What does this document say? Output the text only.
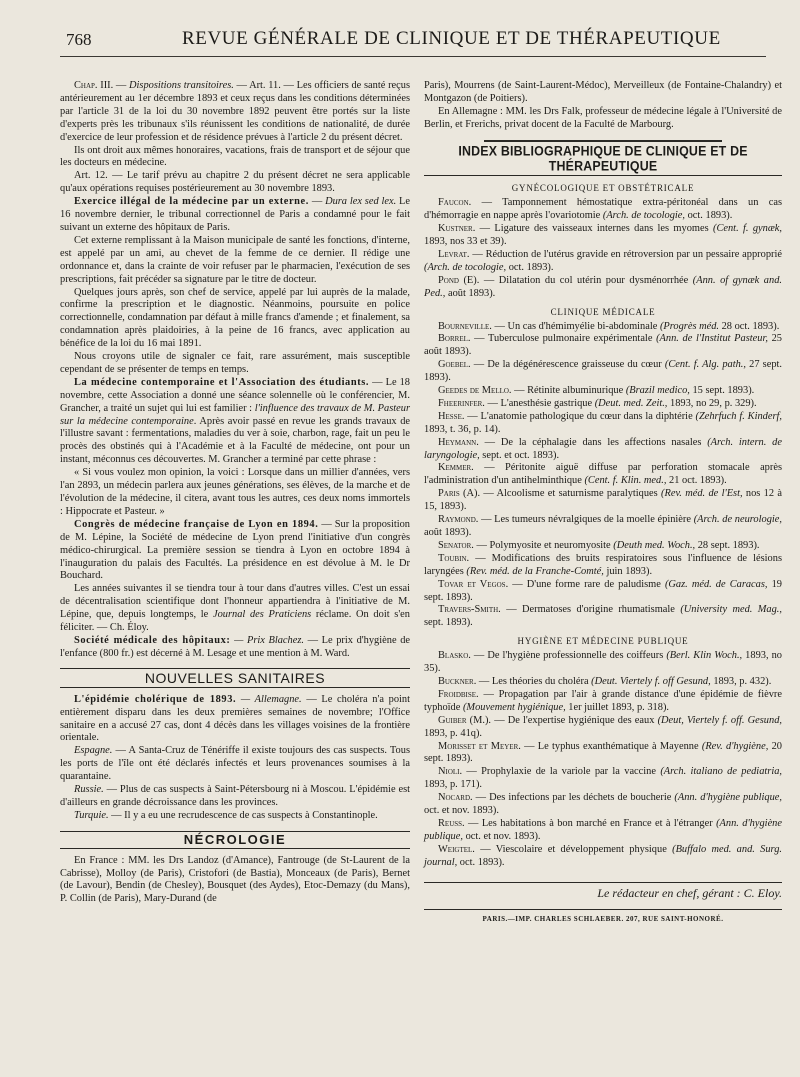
768	REVUE GÉNÉRALE DE CLINIQUE ET DE THÉRAPEUTIQUE

Chap. III. — Dispositions transitoires. — Art. 11. — Les officiers de santé reçus antérieurement au 1er décembre 1893 et ceux reçus dans les conditions déterminées par l'article 31 de la loi du 30 novembre 1892 peuvent être portés sur la liste d'experts près les tribunaux s'ils réunissent les conditions de nationalité, de durée d'exercice de leur profession et de résidence prévues à l'article 2 du présent décret.

Ils ont droit aux mêmes honoraires, vacations, frais de transport et de séjour que les docteurs en médecine.

Art. 12. — Le tarif prévu au chapitre 2 du présent décret ne sera applicable qu'aux opérations requises postérieurement au 30 novembre 1893.

Exercice illégal de la médecine par un externe. — Dura lex sed lex. Le 16 novembre dernier, le tribunal correctionnel de Paris a condamné pour le fait suivant un externe des hôpitaux de Paris.

Cet externe remplissant à la Maison municipale de santé les fonctions, d'interne, est appelé par un ami, au chevet de la femme de ce dernier. Il rédige une ordonnance et, dans la crainte de voir refuser par le pharmacien, l'exécution de ses prescriptions, fait précéder sa signature par le titre de docteur.

Quelques jours après, son chef de service, appelé par lui auprès de la malade, confirme la prescription et le diagnostic. Néanmoins, poursuite en police correctionnelle, condamnation par défaut à mille francs d'amende ; et finalement, sa condamnation après plaidoiries, à la peine de 16 francs, avec application au bénéfice de la loi du 16 mai 1891.

Nous croyons utile de signaler ce fait, rare assurément, mais susceptible cependant de se présenter de temps en temps.

La médecine contemporaine et l'Association des étudiants. — Le 18 novembre, cette Association a donné une séance solennelle où le conférencier, M. Grancher, a traité un sujet qui lui est familier : l'influence des travaux de M. Pasteur sur la médecine contemporaine. Après avoir passé en revue les grands travaux de l'illustre savant : fermentations, maladies du ver à soie, charbon, rage, fait un peu le procès des obstinés qui à l'Académie et à la Faculté de médecine, ont pour un instant, méconnus ces découvertes. M. Grancher a terminé par cette phrase :

« Si vous voulez mon opinion, la voici : Lorsque dans un millier d'années, vers l'an 2893, un médecin parlera aux jeunes générations, ses élèves, de la marche et de l'évolution de la médecine, il citera, avant tous les autres, ces deux noms immortels : Hippocrate et Pasteur. »

Congrès de médecine française de Lyon en 1894. — Sur la proposition de M. Lépine, la Société de médecine de Lyon prend l'initiative d'un congrès médico-chirurgical. La première session se tiendra à Lyon en octobre 1894 à l'inauguration du palais des Facultés. La présidence en est dévolue à M. le Dr Bouchard.

Les années suivantes il se tiendra tour à tour dans d'autres villes. C'est un essai de décentralisation scientifique dont l'honneur appartiendra à l'initiative de M. Lépine, que, depuis longtemps, le Journal des Praticiens réclame. On doit s'en féliciter. — Ch. Éloy.

Société médicale des hôpitaux: — Prix Blachez. — Le prix d'hygiène de l'enfance (800 fr.) est décerné à M. Lesage et une mention à M. Ward.

NOUVELLES SANITAIRES

L'épidémie cholérique de 1893. — Allemagne. — Le choléra n'a point entièrement disparu dans les deux premières semaines de novembre; l'Office sanitaire en a accusé 27 cas, dont 4 décès dans les villages voisines de la frontière orientale.

Espagne. — A Santa-Cruz de Ténériffe il existe toujours des cas suspects. Tous les ports de l'île ont été déclarés infectés et leurs provenances soumises à la quarantaine.

Russie. — Plus de cas suspects à Saint-Pétersbourg ni à Moscou. L'épidémie est d'ailleurs en grande décroissance dans les provinces.

Turquie. — Il y a eu une recrudescence de cas suspects à Constantinople.

NÉCROLOGIE

En France : MM. les Drs Landoz (d'Amance), Fantrouge (de St-Laurent de la Cabrisse), Molloy (de Paris), Cristofori (de Bastia), Monceaux (de Paris), Bernet (de Lavour), Bendin (de Chesley), Bousquet (des Aydes), Etoc-Demazy (du Mans), P. Collin (de Paris), Mary-Durand (de

Paris), Mourrens (de Saint-Laurent-Médoc), Merveilleux (de Fontaine-Chalandry) et Montgazon (de Poitiers).

En Allemagne : MM. les Drs Falk, professeur de médecine légale à l'Université de Berlin, et Frerichs, privat docent de la Faculté de Marbourg.

INDEX BIBLIOGRAPHIQUE DE CLINIQUE ET DE THÉRAPEUTIQUE
GYNÉCOLOGIQUE ET OBSTÉTRICALE

Faucon. — Tamponnement hémostatique extra-péritonéal dans un cas d'hémorragie en nappe après l'ovariotomie (Arch. de tocologie, oct. 1893).

Kustner. — Ligature des vaisseaux internes dans les myomes (Cent. f. gynæk, 1893, nos 33 et 39).

Levrat. — Réduction de l'utérus gravide en rétroversion par un pessaire approprié (Arch. de tocologie, oct. 1893).

Pond (E). — Dilatation du col utérin pour dysménorrhée (Ann. of gynæk and. Ped., août 1893).

CLINIQUE MÉDICALE

Bourneville. — Un cas d'hémimyélie bi-abdominale (Progrès méd. 28 oct. 1893).

Borrel. — Tuberculose pulmonaire expérimentale (Ann. de l'Institut Pasteur, 25 août 1893).

Goebel. — De la dégénérescence graisseuse du cœur (Cent. f. Alg. path., 27 sept. 1893).

Geedes de Mello. — Rétinite albuminurique (Brazil medico, 15 sept. 1893).

Fheerinfer. — L'anesthésie gastrique (Deut. med. Zeit., 1893, no 29, p. 329).

Hesse. — L'anatomie pathologique du cœur dans la diphtérie (Zehrfuch f. Kinderf, 1893, t. 36, p. 14).

Heymann. — De la céphalagie dans les affections nasales (Arch. intern. de laryngologie, sept. et oct. 1893).

Kemmer. — Péritonite aiguë diffuse par perforation stomacale après l'administration d'un antihelminthique (Cent. f. Klin. med., 21 oct. 1893).

Paris (A). — Alcoolisme et saturnisme paralytiques (Rev. méd. de l'Est, nos 12 à 15, 1893).

Raymond. — Les tumeurs névralgiques de la moelle épinière (Arch. de neurologie, août 1893).

Senator. — Polymyosite et neuromyosite (Deuth med. Woch., 28 sept. 1893).

Toubin. — Modifications des bruits respiratoires sous l'influence de lésions laryngées (Rev. méd. de la Franche-Comté, juin 1893).

Tovar et Vegos. — D'une forme rare de paludisme (Gaz. méd. de Caracas, 19 sept. 1893).

Travers-Smith. — Dermatoses d'origine rhumatismale (University med. Mag., sept. 1893).

HYGIÈNE ET MÉDECINE PUBLIQUE

Blasko. — De l'hygiène professionnelle des coiffeurs (Berl. Klin Woch., 1893, no 35).

Buckner. — Les théories du choléra (Deut. Viertely f. off Gesund, 1893, p. 432).

Froidbise. — Propagation par l'air à grande distance d'une épidémie de fièvre typhoïde (Mouvement hygiénique, 1er juillet 1893, p. 318).

Guiber (M.). — De l'expertise hygiénique des eaux (Deut, Viertely f. off. Gesund, 1893, p. 41q).

Morisset et Meyer. — Le typhus exanthématique à Mayenne (Rev. d'hygiène, 20 sept. 1893).

Nioli. — Prophylaxie de la variole par la vaccine (Arch. italiano de pediatria, 1893, p. 171).

Nocard. — Des infections par les déchets de boucherie (Ann. d'hygiène publique, oct. et nov. 1893).

Reuss. — Les habitations à bon marché en France et à l'étranger (Ann. d'hygiène publique, oct. et nov. 1893).

Weigtel. — Viescolaire et développement physique (Buffalo med. and. Surg. journal, oct. 1893).

Le rédacteur en chef, gérant : C. Eloy.
PARIS.—IMP. CHARLES SCHLAEBER. 207, RUE SAINT-HONORÉ.
